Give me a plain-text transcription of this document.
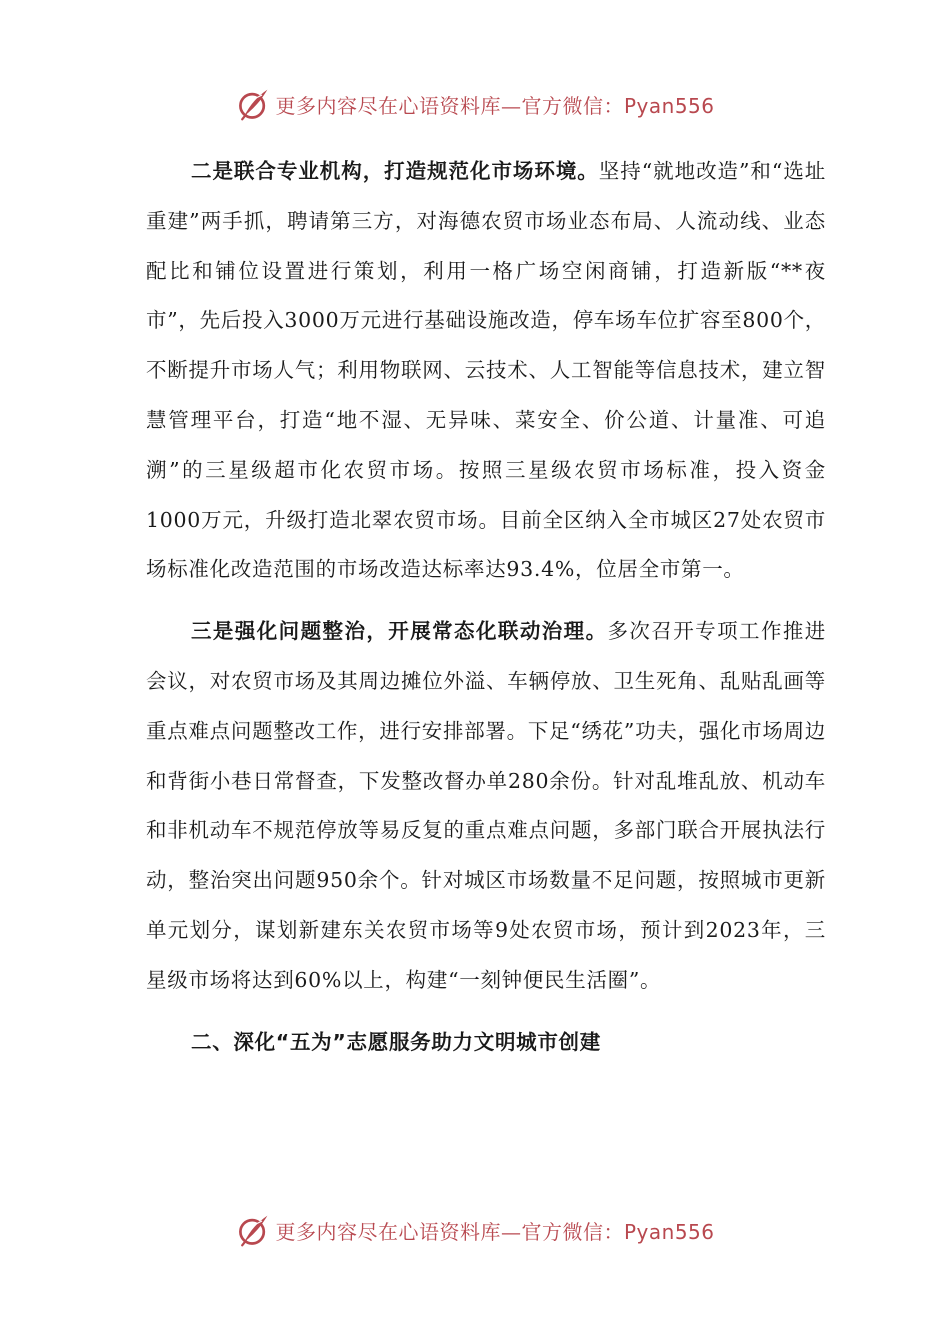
更多内容尽在心语资料库—官方微信：Pyan556

二是联合专业机构，打造规范化市场环境。坚持“就地改造”和“选址重建”两手抓，聘请第三方，对海德农贸市场业态布局、人流动线、业态配比和铺位设置进行策划，利用一格广场空闲商铺，打造新版“**夜市”，先后投入3000万元进行基础设施改造，停车场车位扩容至800个，不断提升市场人气；利用物联网、云技术、人工智能等信息技术，建立智慧管理平台，打造“地不湿、无异味、菜安全、价公道、计量准、可追溯”的三星级超市化农贸市场。按照三星级农贸市场标准，投入资金1000万元，升级打造北翠农贸市场。目前全区纳入全市城区27处农贸市场标准化改造范围的市场改造达标率达93.4%，位居全市第一。

三是强化问题整治，开展常态化联动治理。多次召开专项工作推进会议，对农贸市场及其周边摊位外溢、车辆停放、卫生死角、乱贴乱画等重点难点问题整改工作，进行安排部署。下足“绣花”功夫，强化市场周边和背街小巷日常督查，下发整改督办单280余份。针对乱堆乱放、机动车和非机动车不规范停放等易反复的重点难点问题，多部门联合开展执法行动，整治突出问题950余个。针对城区市场数量不足问题，按照城市更新单元划分，谋划新建东关农贸市场等9处农贸市场，预计到2023年，三星级市场将达到60%以上，构建“一刻钟便民生活圈”。

二、深化“五为”志愿服务助力文明城市创建

更多内容尽在心语资料库—官方微信：Pyan556
